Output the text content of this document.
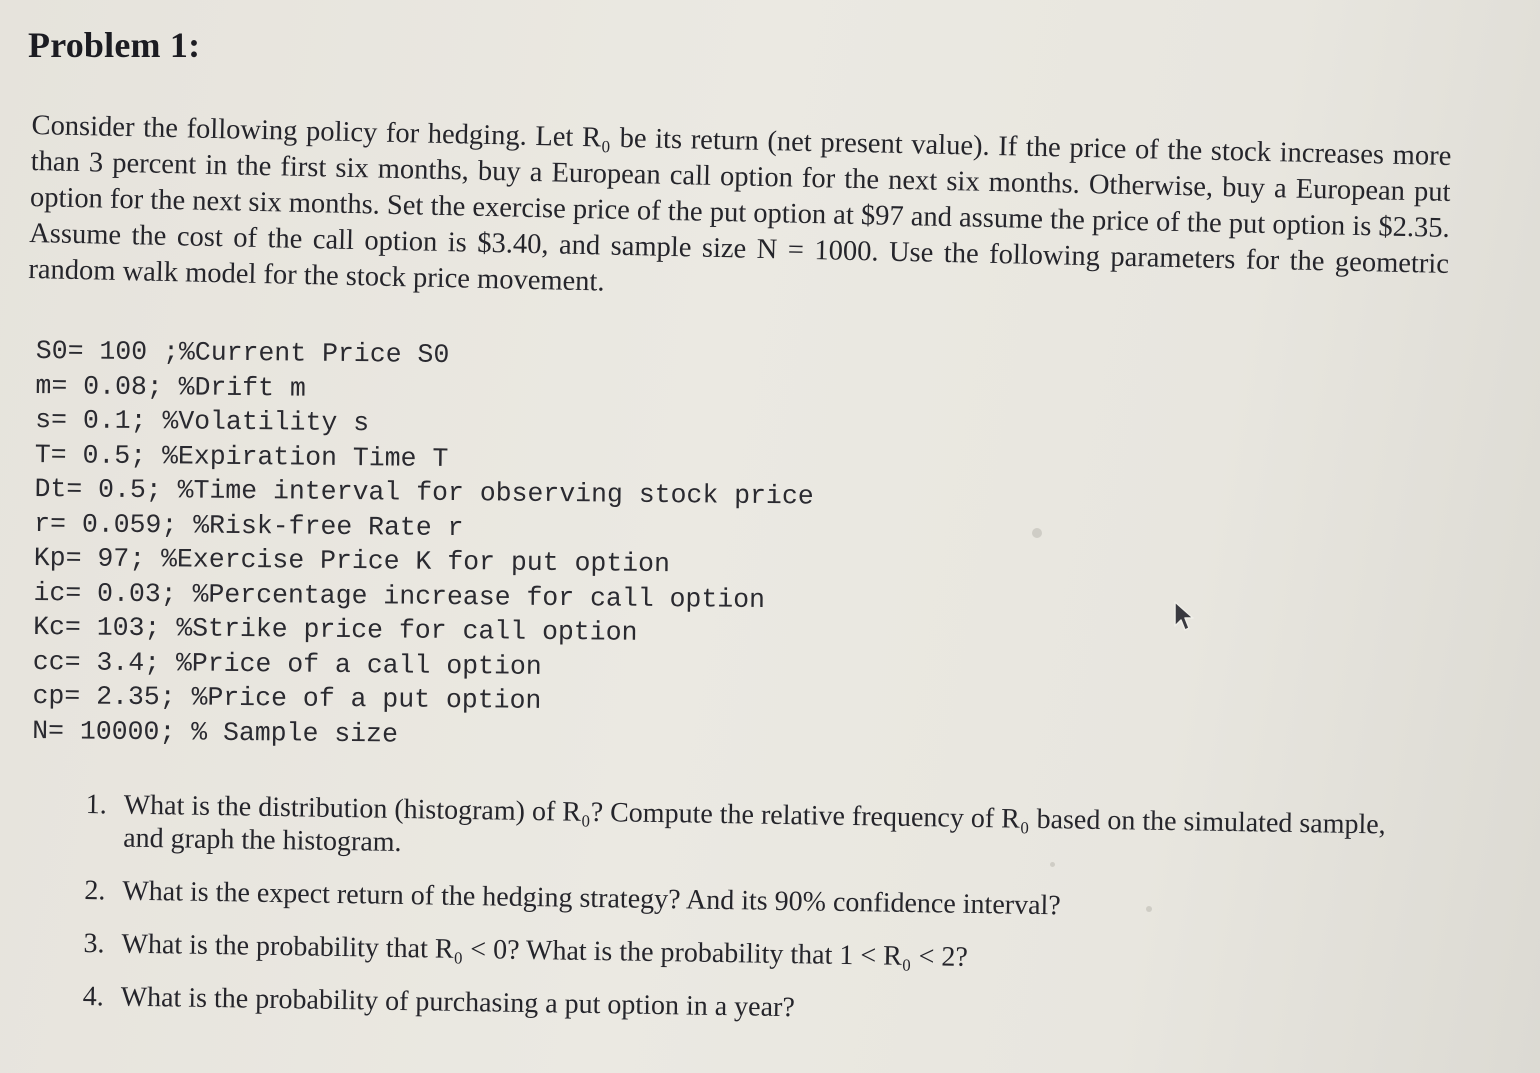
Problem 1:

Consider the following policy for hedging. Let R₀ be its return (net present value). If the price of the stock increases more than 3 percent in the first six months, buy a European call option for the next six months. Otherwise, buy a European put option for the next six months. Set the exercise price of the put option at $97 and assume the price of the put option is $2.35. Assume the cost of the call option is $3.40, and sample size N = 1000. Use the following parameters for the geometric random walk model for the stock price movement.

S0= 100 ;%Current Price S0
m= 0.08; %Drift m
s= 0.1; %Volatility s
T= 0.5; %Expiration Time T
Dt= 0.5; %Time interval for observing stock price
r= 0.059; %Risk-free Rate r
Kp= 97; %Exercise Price K for put option
ic= 0.03; %Percentage increase for call option
Kc= 103; %Strike price for call option
cc= 3.4; %Price of a call option
cp= 2.35; %Price of a put option
N= 10000; % Sample size
1. What is the distribution (histogram) of R₀? Compute the relative frequency of R₀ based on the simulated sample, and graph the histogram.
2. What is the expect return of the hedging strategy? And its 90% confidence interval?
3. What is the probability that R₀ < 0? What is the probability that 1 < R₀ < 2?
4. What is the probability of purchasing a put option in a year?
